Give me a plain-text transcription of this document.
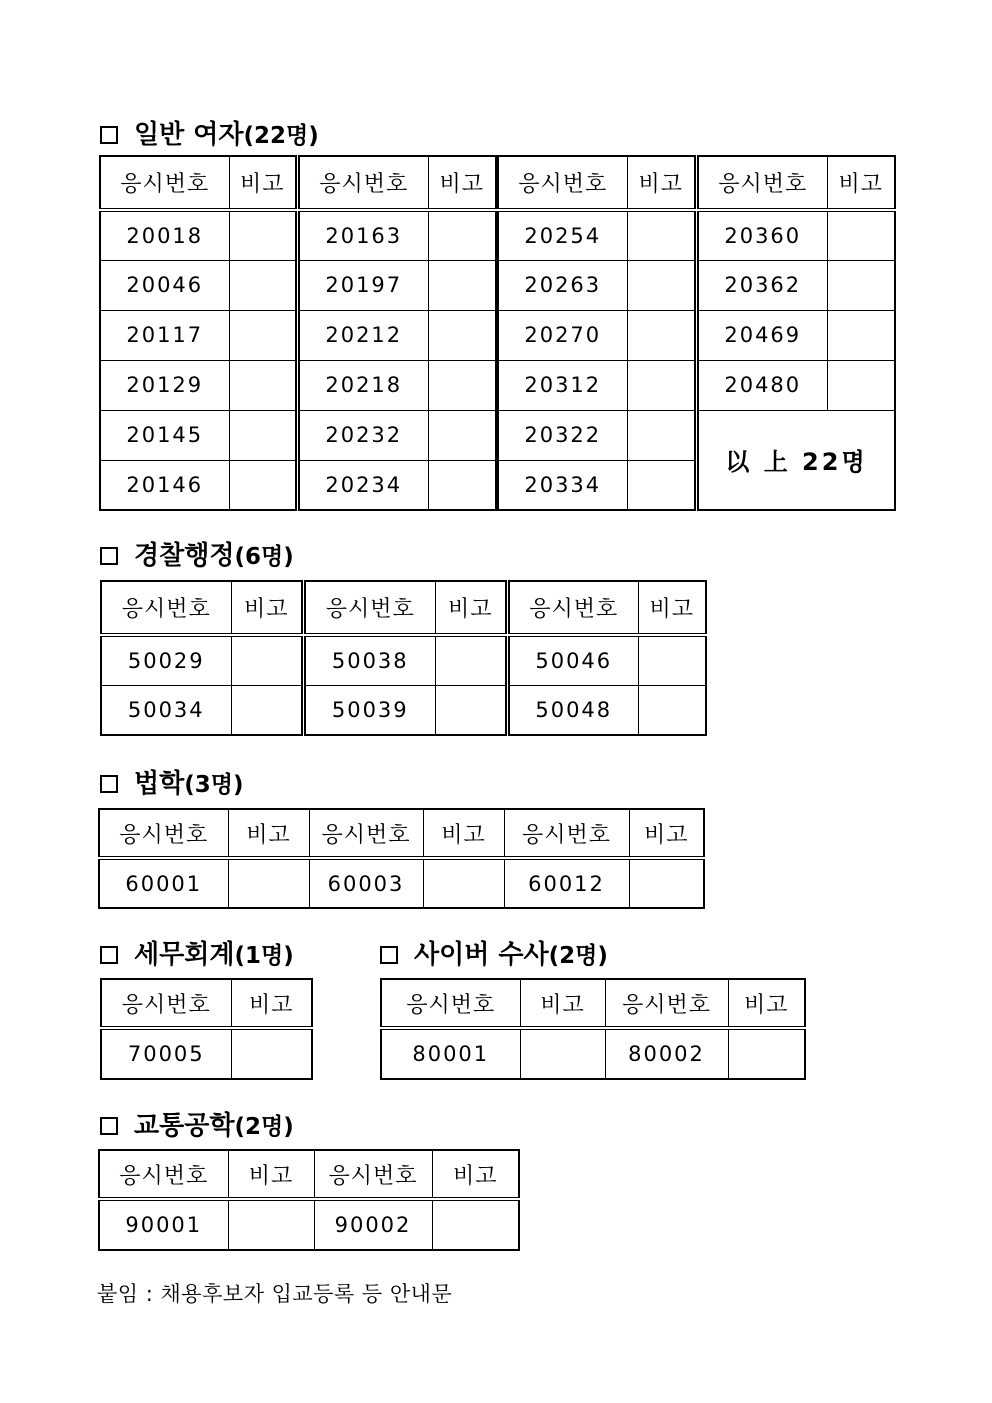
일반 여자(22명)
응시번호	비고
20018	
20046	
20117	
20129	
20145	
20146	
응시번호	비고
20163	
20197	
20212	
20218	
20232	
20234	
응시번호	비고
20254	
20263	
20270	
20312	
20322	
20334	
응시번호	비고
20360	
20362	
20469	
20480	
以 上 22명	
경찰행정(6명)
응시번호	비고
50029	
50034	
응시번호	비고
50038	
50039	
응시번호	비고
50046	
50048	
법학(3명)
응시번호	비고	응시번호	비고	응시번호	비고
60001		60003		60012	
세무회계(1명)
응시번호	비고
70005	
사이버 수사(2명)
응시번호	비고	응시번호	비고
80001		80002	
교통공학(2명)
응시번호	비고	응시번호	비고
90001		90002	
붙임 : 채용후보자 입교등록 등 안내문
